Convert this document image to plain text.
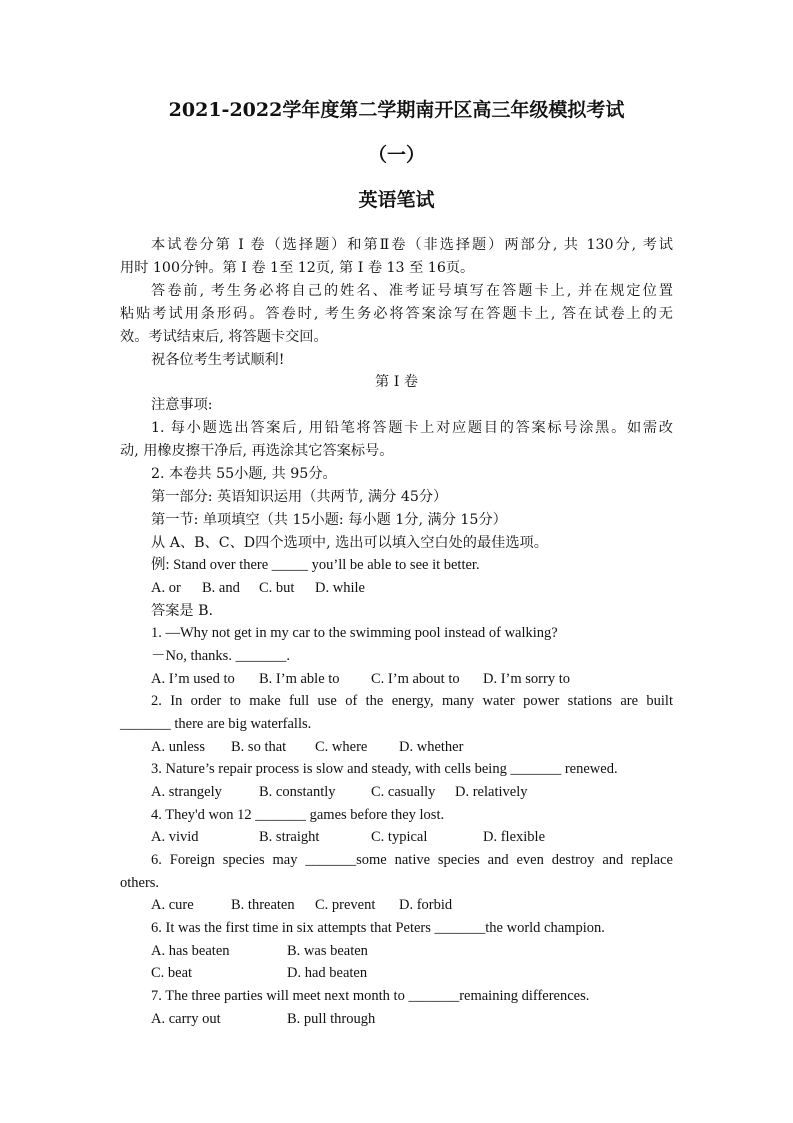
2021-2022学年度第二学期南开区高三年级模拟考试
（一）
英语笔试
本试卷分第 I 卷（选择题）和第Ⅱ卷（非选择题）两部分, 共 130分, 考试
用时 100分钟。第 I 卷 1至 12页, 第 I 卷 13 至 16页。
答卷前, 考生务必将自己的姓名、准考证号填写在答题卡上, 并在规定位置
粘贴考试用条形码。答卷时, 考生务必将答案涂写在答题卡上, 答在试卷上的无
效。考试结束后, 将答题卡交回。
祝各位考生考试顺利!
第 I 卷
注意事项:
1. 每小题选出答案后, 用铅笔将答题卡上对应题目的答案标号涂黑。如需改
动, 用橡皮擦干净后, 再选涂其它答案标号。
2. 本卷共 55小题, 共 95分。
第一部分: 英语知识运用（共两节, 满分 45分）
第一节: 单项填空（共 15小题: 每小题 1分, 满分 15分）
从 A、B、C、D四个选项中, 选出可以填入空白处的最佳选项。
例: Stand over there _____ you’ll be able to see it better.
A. or B. and C. but D. while
答案是 B.
1. —Why not get in my car to the swimming pool instead of walking?
－No, thanks. _______.
A. I’m used to B. I’m able to C. I’m about to D. I’m sorry to
2. In order to make full use of the energy, many water power stations are built
_______ there are big waterfalls.
A. unless B. so that C. where D. whether
3. Nature’s repair process is slow and steady, with cells being _______ renewed.
A. strangely	B. constantly C. casually D. relatively
4. They'd won 12 _______ games before they lost.
A. vivid	B. straight	C. typical	D. flexible
6. Foreign species may _______some native species and even destroy and replace
others.
A. cure	B. threaten C. prevent D. forbid
6. It was the first time in six attempts that Peters _______the world champion.
A. has beaten	B. was beaten
C. beat	D. had beaten
7. The three parties will meet next month to _______remaining differences.
A. carry out	B. pull through
